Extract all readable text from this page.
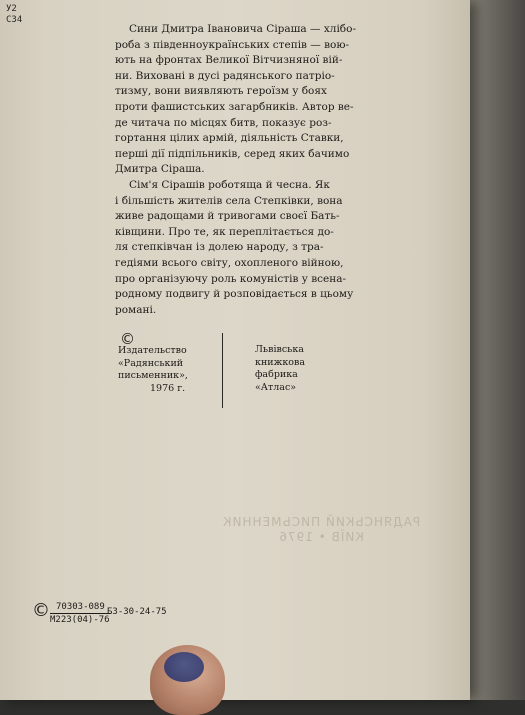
У2
С34
Сини Дмитра Івановича Сіраша — хлібо-
роба з південноукраїнських степів — вою-
ють на фронтах Великої Вітчизняної вій-
ни. Виховані в дусі радянського патріо-
тизму, вони виявляють героїзм у боях
проти фашистських загарбників. Автор ве-
де читача по місцях битв, показує роз-
гортання цілих армій, діяльність Ставки,
перші дії підпільників, серед яких бачимо
Дмитра Сіраша.
Сім'я Сірашів роботяща й чесна. Як
і більшість жителів села Степківки, вона
живе радощами й тривогами своєї Бать-
ківщини. Про те, як переплітається до-
ля степківчан із долею народу, з тра-
гедіями всього світу, охопленого війною,
про організуючу роль комуністів у всена-
родному подвигу й розповідається в цьому
романі.
©
Издательство
«Радянський
письменник»,
1976 г.
Львівська
книжкова
фабрика
«Атлас»
РАДЯНСЬКИЙ ПИСЬМЕННИК
КИЇВ • 1976
© 70303-089
М223(04)-76
БЗ-30-24-75
